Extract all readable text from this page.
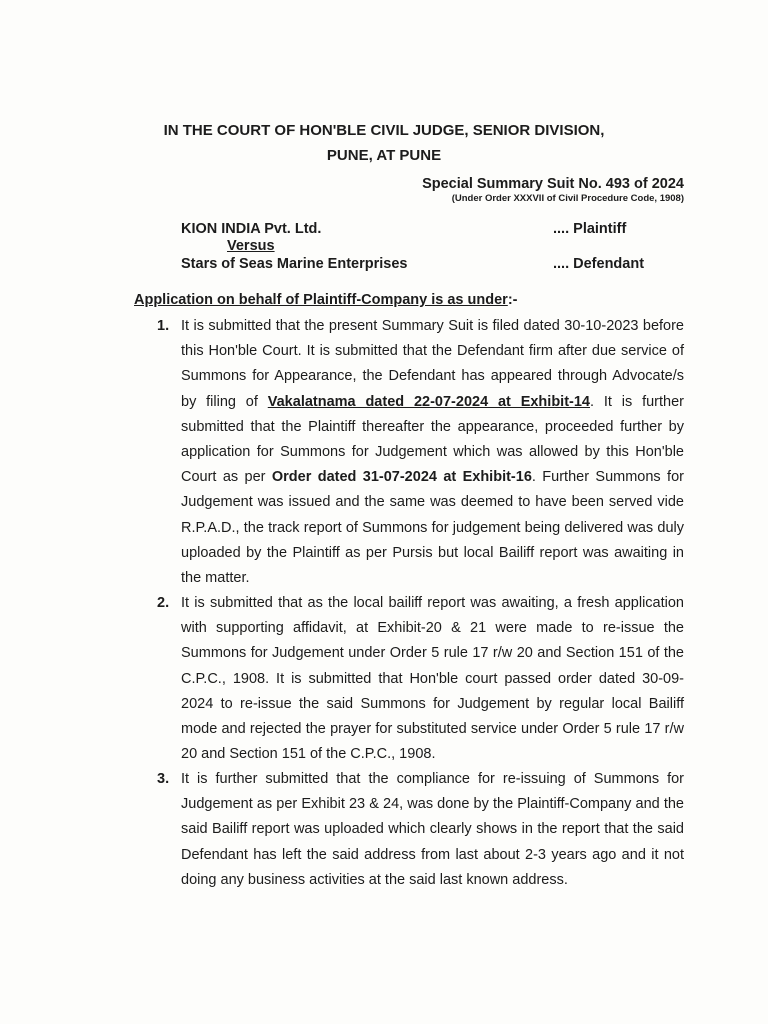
IN THE COURT OF HON'BLE CIVIL JUDGE, SENIOR DIVISION,
PUNE, AT PUNE
Special Summary Suit No. 493 of 2024
(Under Order XXXVII of Civil Procedure Code, 1908)
KION INDIA Pvt. Ltd.	.... Plaintiff
Versus
Stars of Seas Marine Enterprises	.... Defendant
Application on behalf of Plaintiff-Company is as under:-
1. It is submitted that the present Summary Suit is filed dated 30-10-2023 before this Hon'ble Court. It is submitted that the Defendant firm after due service of Summons for Appearance, the Defendant has appeared through Advocate/s by filing of Vakalatnama dated 22-07-2024 at Exhibit-14. It is further submitted that the Plaintiff thereafter the appearance, proceeded further by application for Summons for Judgement which was allowed by this Hon'ble Court as per Order dated 31-07-2024 at Exhibit-16. Further Summons for Judgement was issued and the same was deemed to have been served vide R.P.A.D., the track report of Summons for judgement being delivered was duly uploaded by the Plaintiff as per Pursis but local Bailiff report was awaiting in the matter.
2. It is submitted that as the local bailiff report was awaiting, a fresh application with supporting affidavit, at Exhibit-20 & 21 were made to re-issue the Summons for Judgement under Order 5 rule 17 r/w 20 and Section 151 of the C.P.C., 1908. It is submitted that Hon'ble court passed order dated 30-09-2024 to re-issue the said Summons for Judgement by regular local Bailiff mode and rejected the prayer for substituted service under Order 5 rule 17 r/w 20 and Section 151 of the C.P.C., 1908.
3. It is further submitted that the compliance for re-issuing of Summons for Judgement as per Exhibit 23 & 24, was done by the Plaintiff-Company and the said Bailiff report was uploaded which clearly shows in the report that the said Defendant has left the said address from last about 2-3 years ago and it not doing any business activities at the said last known address.
